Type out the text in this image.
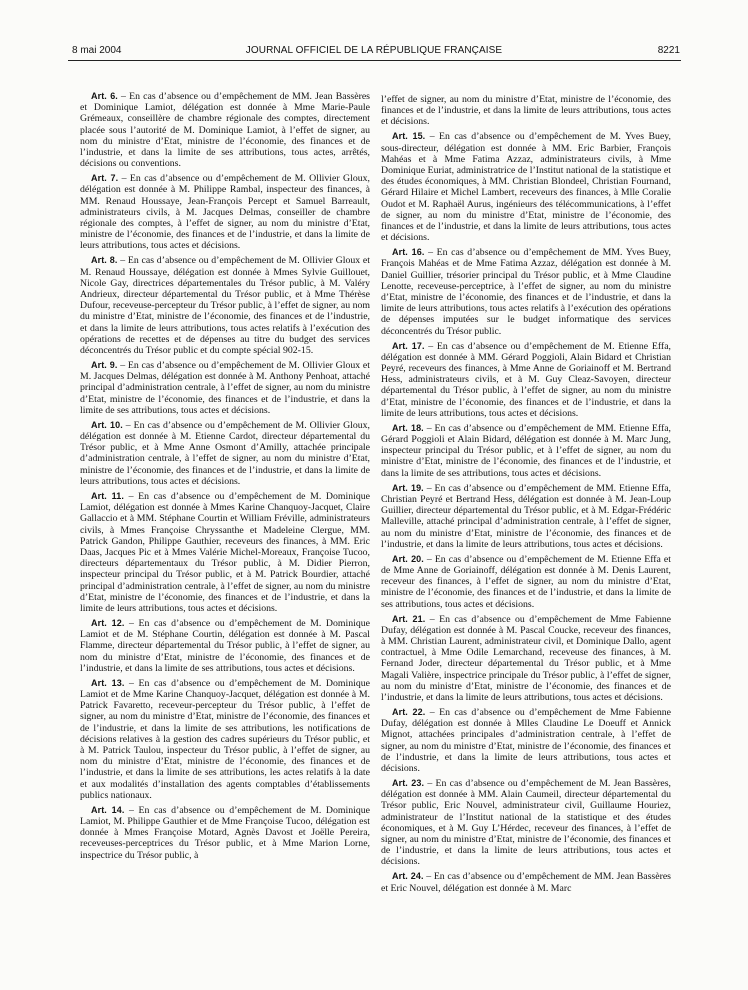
8 mai 2004	JOURNAL OFFICIEL DE LA RÉPUBLIQUE FRANÇAISE	8221

Art. 6. – En cas d’absence ou d’empêchement de MM. Jean Bassères et Dominique Lamiot, délégation est donnée à Mme Marie-Paule Grémeaux, conseillère de chambre régionale des comptes, directement placée sous l’autorité de M. Dominique Lamiot, à l’effet de signer, au nom du ministre d’Etat, ministre de l’économie, des finances et de l’industrie, et dans la limite de ses attributions, tous actes, arrêtés, décisions ou conventions.

Art. 7. – En cas d’absence ou d’empêchement de M. Ollivier Gloux, délégation est donnée à M. Philippe Rambal, inspecteur des finances, à MM. Renaud Houssaye, Jean-François Percept et Samuel Barreault, administrateurs civils, à M. Jacques Delmas, conseiller de chambre régionale des comptes, à l’effet de signer, au nom du ministre d’Etat, ministre de l’économie, des finances et de l’industrie, et dans la limite de leurs attributions, tous actes et décisions.

Art. 8. – En cas d’absence ou d’empêchement de M. Ollivier Gloux et M. Renaud Houssaye, délégation est donnée à Mmes Sylvie Guillouet, Nicole Gay, directrices départementales du Trésor public, à M. Valéry Andrieux, directeur départemental du Trésor public, et à Mme Thérèse Dufour, receveuse-percepteur du Trésor public, à l’effet de signer, au nom du ministre d’Etat, ministre de l’économie, des finances et de l’industrie, et dans la limite de leurs attributions, tous actes relatifs à l’exécution des opérations de recettes et de dépenses au titre du budget des services déconcentrés du Trésor public et du compte spécial 902-15.

Art. 9. – En cas d’absence ou d’empêchement de M. Ollivier Gloux et M. Jacques Delmas, délégation est donnée à M. Anthony Penhoat, attaché principal d’administration centrale, à l’effet de signer, au nom du ministre d’Etat, ministre de l’économie, des finances et de l’industrie, et dans la limite de ses attributions, tous actes et décisions.

Art. 10. – En cas d’absence ou d’empêchement de M. Ollivier Gloux, délégation est donnée à M. Etienne Cardot, directeur départemental du Trésor public, et à Mme Anne Osmont d’Amilly, attachée principale d’administration centrale, à l’effet de signer, au nom du ministre d’Etat, ministre de l’économie, des finances et de l’industrie, et dans la limite de leurs attributions, tous actes et décisions.

Art. 11. – En cas d’absence ou d’empêchement de M. Dominique Lamiot, délégation est donnée à Mmes Karine Chanquoy-Jacquet, Claire Gallaccio et à MM. Stéphane Courtin et William Fréville, administrateurs civils, à Mmes Françoise Chryssanthe et Madeleine Clergue, MM. Patrick Gandon, Philippe Gauthier, receveurs des finances, à MM. Eric Daas, Jacques Pic et à Mmes Valérie Michel-Moreaux, Françoise Tucoo, directeurs départementaux du Trésor public, à M. Didier Pierron, inspecteur principal du Trésor public, et à M. Patrick Bourdier, attaché principal d’administration centrale, à l’effet de signer, au nom du ministre d’Etat, ministre de l’économie, des finances et de l’industrie, et dans la limite de leurs attributions, tous actes et décisions.

Art. 12. – En cas d’absence ou d’empêchement de M. Dominique Lamiot et de M. Stéphane Courtin, délégation est donnée à M. Pascal Flamme, directeur départemental du Trésor public, à l’effet de signer, au nom du ministre d’Etat, ministre de l’économie, des finances et de l’industrie, et dans la limite de ses attributions, tous actes et décisions.

Art. 13. – En cas d’absence ou d’empêchement de M. Dominique Lamiot et de Mme Karine Chanquoy-Jacquet, délégation est donnée à M. Patrick Favaretto, receveur-percepteur du Trésor public, à l’effet de signer, au nom du ministre d’Etat, ministre de l’économie, des finances et de l’industrie, et dans la limite de ses attributions, les notifications de décisions relatives à la gestion des cadres supérieurs du Trésor public, et à M. Patrick Taulou, inspecteur du Trésor public, à l’effet de signer, au nom du ministre d’Etat, ministre de l’économie, des finances et de l’industrie, et dans la limite de ses attributions, les actes relatifs à la date et aux modalités d’installation des agents comptables d’établissements publics nationaux.

Art. 14. – En cas d’absence ou d’empêchement de M. Dominique Lamiot, M. Philippe Gauthier et de Mme Françoise Tucoo, délégation est donnée à Mmes Françoise Motard, Agnès Davost et Joëlle Pereira, receveuses-perceptrices du Trésor public, et à Mme Marion Lorne, inspectrice du Trésor public, à

l’effet de signer, au nom du ministre d’Etat, ministre de l’économie, des finances et de l’industrie, et dans la limite de leurs attributions, tous actes et décisions.

Art. 15. – En cas d’absence ou d’empêchement de M. Yves Buey, sous-directeur, délégation est donnée à MM. Eric Barbier, François Mahéas et à Mme Fatima Azzaz, administrateurs civils, à Mme Dominique Euriat, administratrice de l’Institut national de la statistique et des études économiques, à MM. Christian Blondeel, Christian Fournand, Gérard Hilaire et Michel Lambert, receveurs des finances, à Mlle Coralie Oudot et M. Raphaël Aurus, ingénieurs des télécommunications, à l’effet de signer, au nom du ministre d’Etat, ministre de l’économie, des finances et de l’industrie, et dans la limite de leurs attributions, tous actes et décisions.

Art. 16. – En cas d’absence ou d’empêchement de MM. Yves Buey, François Mahéas et de Mme Fatima Azzaz, délégation est donnée à M. Daniel Guillier, trésorier principal du Trésor public, et à Mme Claudine Lenotte, receveuse-perceptrice, à l’effet de signer, au nom du ministre d’Etat, ministre de l’économie, des finances et de l’industrie, et dans la limite de leurs attributions, tous actes relatifs à l’exécution des opérations de dépenses imputées sur le budget informatique des services déconcentrés du Trésor public.

Art. 17. – En cas d’absence ou d’empêchement de M. Etienne Effa, délégation est donnée à MM. Gérard Poggioli, Alain Bidard et Christian Peyré, receveurs des finances, à Mme Anne de Goriainoff et M. Bertrand Hess, administrateurs civils, et à M. Guy Cleaz-Savoyen, directeur départemental du Trésor public, à l’effet de signer, au nom du ministre d’Etat, ministre de l’économie, des finances et de l’industrie, et dans la limite de leurs attributions, tous actes et décisions.

Art. 18. – En cas d’absence ou d’empêchement de MM. Etienne Effa, Gérard Poggioli et Alain Bidard, délégation est donnée à M. Marc Jung, inspecteur principal du Trésor public, et à l’effet de signer, au nom du ministre d’Etat, ministre de l’économie, des finances et de l’industrie, et dans la limite de ses attributions, tous actes et décisions.

Art. 19. – En cas d’absence ou d’empêchement de MM. Etienne Effa, Christian Peyré et Bertrand Hess, délégation est donnée à M. Jean-Loup Guillier, directeur départemental du Trésor public, et à M. Edgar-Frédéric Malleville, attaché principal d’administration centrale, à l’effet de signer, au nom du ministre d’Etat, ministre de l’économie, des finances et de l’industrie, et dans la limite de leurs attributions, tous actes et décisions.

Art. 20. – En cas d’absence ou d’empêchement de M. Etienne Effa et de Mme Anne de Goriainoff, délégation est donnée à M. Denis Laurent, receveur des finances, à l’effet de signer, au nom du ministre d’Etat, ministre de l’économie, des finances et de l’industrie, et dans la limite de ses attributions, tous actes et décisions.

Art. 21. – En cas d’absence ou d’empêchement de Mme Fabienne Dufay, délégation est donnée à M. Pascal Coucke, receveur des finances, à MM. Christian Laurent, administrateur civil, et Dominique Dallo, agent contractuel, à Mme Odile Lemarchand, receveuse des finances, à M. Fernand Joder, directeur départemental du Trésor public, et à Mme Magali Valière, inspectrice principale du Trésor public, à l’effet de signer, au nom du ministre d’Etat, ministre de l’économie, des finances et de l’industrie, et dans la limite de leurs attributions, tous actes et décisions.

Art. 22. – En cas d’absence ou d’empêchement de Mme Fabienne Dufay, délégation est donnée à Mlles Claudine Le Doeuff et Annick Mignot, attachées principales d’administration centrale, à l’effet de signer, au nom du ministre d’Etat, ministre de l’économie, des finances et de l’industrie, et dans la limite de leurs attributions, tous actes et décisions.

Art. 23. – En cas d’absence ou d’empêchement de M. Jean Bassères, délégation est donnée à MM. Alain Caumeil, directeur départemental du Trésor public, Eric Nouvel, administrateur civil, Guillaume Houriez, administrateur de l’Institut national de la statistique et des études économiques, et à M. Guy L’Hérdec, receveur des finances, à l’effet de signer, au nom du ministre d’Etat, ministre de l’économie, des finances et de l’industrie, et dans la limite de leurs attributions, tous actes et décisions.

Art. 24. – En cas d’absence ou d’empêchement de MM. Jean Bassères et Eric Nouvel, délégation est donnée à M. Marc
